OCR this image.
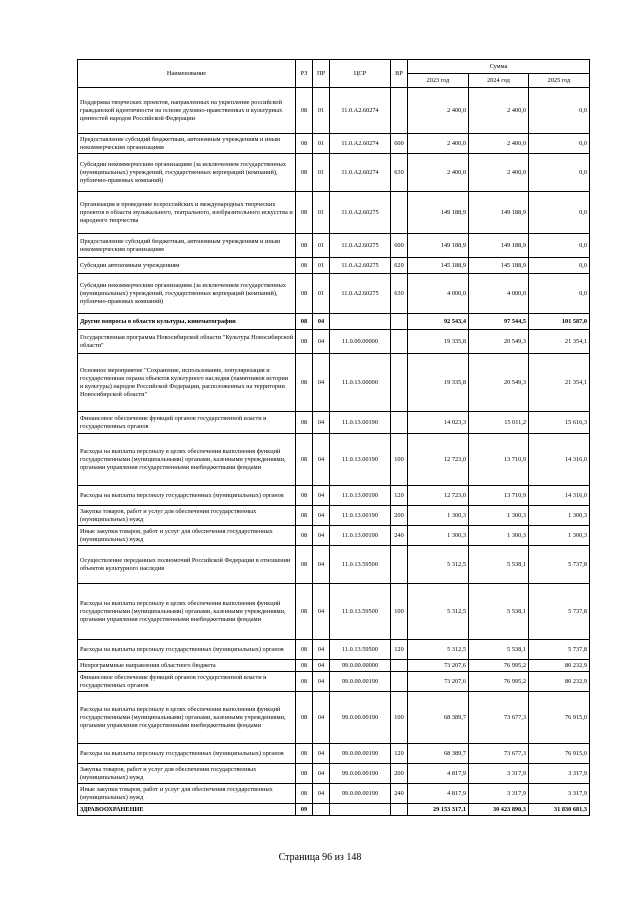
Наименование	РЗ	ПР	ЦСР	ВР	Сумма		
					2023 год	2024 год	2025 год
Поддержка творческих проектов, направленных на укрепление российской гражданской идентичности на основе духовно-нравственных и культурных ценностей народов Российской Федерации	08	01	11.0.А2.60274		2 400,0	2 400,0	0,0
Предоставление субсидий бюджетным, автономным учреждениям и иным некоммерческим организациям	08	01	11.0.А2.60274	600	2 400,0	2 400,0	0,0
Субсидии некоммерческим организациям (за исключением государственных (муниципальных) учреждений, государственных корпораций (компаний), публично-правовых компаний)	08	01	11.0.А2.60274	630	2 400,0	2 400,0	0,0
Организация и проведение всероссийских и международных творческих проектов в области музыкального, театрального, изобразительного искусства и народного творчества	08	01	11.0.А2.60275		149 188,9	149 188,9	0,0
Предоставление субсидий бюджетным, автономным учреждениям и иным некоммерческим организациям	08	01	11.0.А2.60275	600	149 188,9	149 188,9	0,0
Субсидии автономным учреждениям	08	01	11.0.А2.60275	620	145 188,9	145 188,9	0,0
Субсидии некоммерческим организациям (за исключением государственных (муниципальных) учреждений, государственных корпораций (компаний), публично-правовых компаний)	08	01	11.0.А2.60275	630	4 000,0	4 000,0	0,0
Другие вопросы в области культуры, кинематографии	08	04			92 543,4	97 544,5	101 587,0
Государственная программа Новосибирской области "Культура Новосибирской области"	08	04	11.0.00.00000		19 335,8	20 549,3	21 354,1
Основное мероприятие "Сохранение, использование, популяризация и государственная охрана объектов культурного наследия (памятников истории и культуры) народов Российской Федерации, расположенных на территории Новосибирской области"	08	04	11.0.13.00000		19 335,8	20 549,3	21 354,1
Финансовое обеспечение функций органов государственной власти и государственных органов	08	04	11.0.13.00190		14 023,3	15 011,2	15 616,3
Расходы на выплаты персоналу в целях обеспечения выполнения функций государственными (муниципальными) органами, казенными учреждениями, органами управления государственными внебюджетными фондами	08	04	11.0.13.00190	100	12 723,0	13 710,9	14 316,0
Расходы на выплаты персоналу государственных (муниципальных) органов	08	04	11.0.13.00190	120	12 723,0	13 710,9	14 316,0
Закупка товаров, работ и услуг для обеспечения государственных (муниципальных) нужд	08	04	11.0.13.00190	200	1 300,3	1 300,3	1 300,3
Иные закупки товаров, работ и услуг для обеспечения государственных (муниципальных) нужд	08	04	11.0.13.00190	240	1 300,3	1 300,3	1 300,3
Осуществление переданных полномочий Российской Федерации в отношении объектов культурного наследия	08	04	11.0.13.59500		5 312,5	5 538,1	5 737,8
Расходы на выплаты персоналу в целях обеспечения выполнения функций государственными (муниципальными) органами, казенными учреждениями, органами управления государственными внебюджетными фондами	08	04	11.0.13.59500	100	5 312,5	5 538,1	5 737,8
Расходы на выплаты персоналу государственных (муниципальных) органов	08	04	11.0.13.59500	120	5 312,5	5 538,1	5 737,8
Непрограммные направления областного бюджета	08	04	99.0.00.00000		73 207,6	76 995,2	80 232,9
Финансовое обеспечение функций органов государственной власти и государственных органов	08	04	99.0.00.00190		73 207,6	76 995,2	80 232,9
Расходы на выплаты персоналу в целях обеспечения выполнения функций государственными (муниципальными) органами, казенными учреждениями, органами управления государственными внебюджетными фондами	08	04	99.0.00.00190	100	68 389,7	73 677,3	76 915,0
Расходы на выплаты персоналу государственных (муниципальных) органов	08	04	99.0.00.00190	120	68 389,7	73 677,3	76 915,0
Закупка товаров, работ и услуг для обеспечения государственных (муниципальных) нужд	08	04	99.0.00.00190	200	4 817,9	3 317,9	3 317,9
Иные закупки товаров, работ и услуг для обеспечения государственных (муниципальных) нужд	08	04	99.0.00.00190	240	4 817,9	3 317,9	3 317,9
ЗДРАВООХРАНЕНИЕ	09				29 153 317,1	30 423 890,3	31 830 681,3
Страница 96 из 148
